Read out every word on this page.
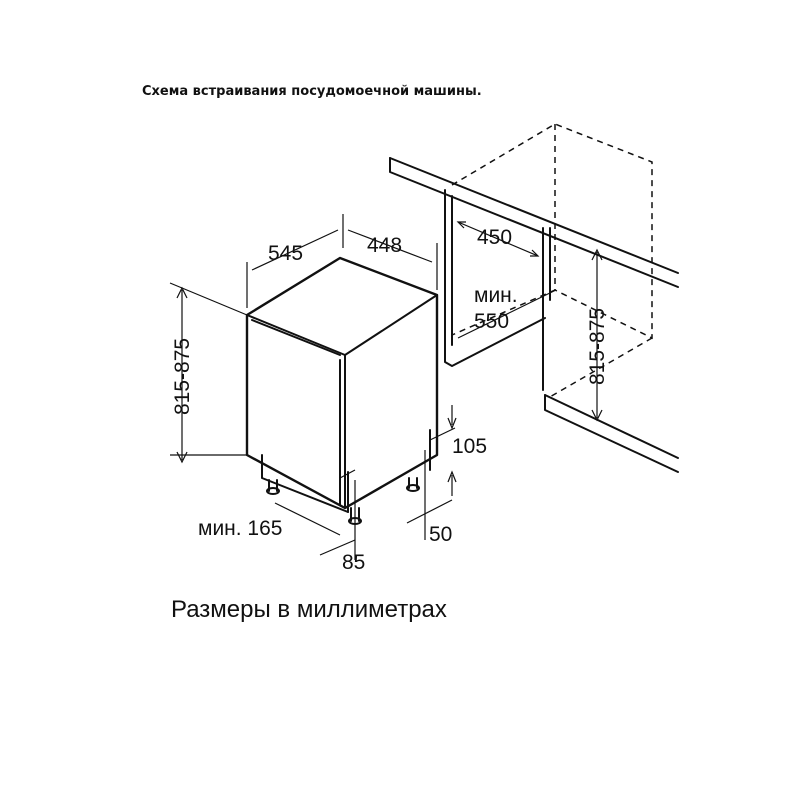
Схема встраивания посудомоечной машины.
545	448
815-875
450
мин.
550	815-875
105
50
мин. 165
85
Размеры в миллиметрах
